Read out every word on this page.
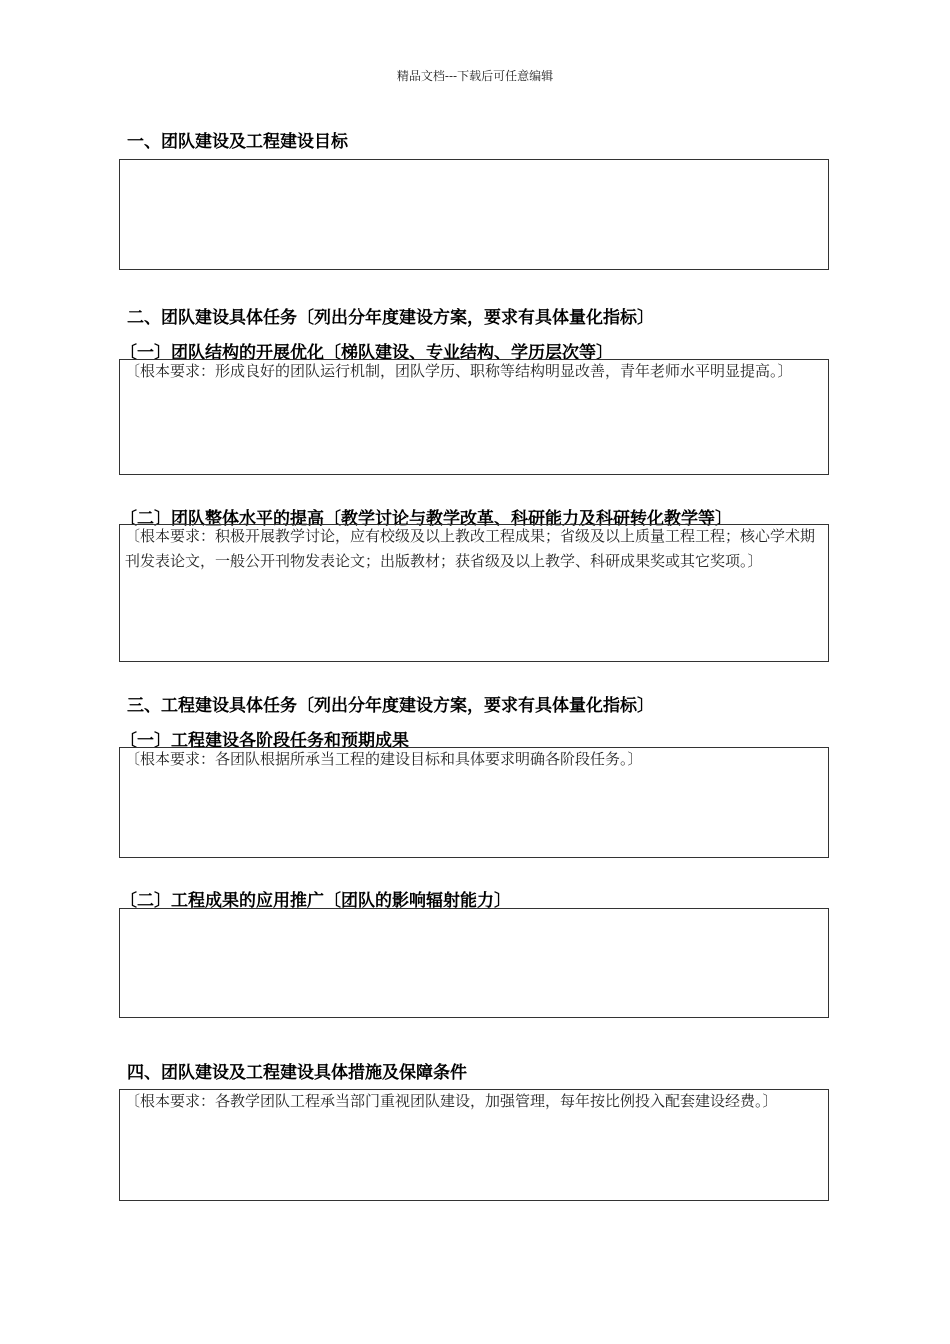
精品文档---下载后可任意编辑
一、团队建设及工程建设目标
二、团队建设具体任务〔列出分年度建设方案，要求有具体量化指标〕
〔一〕团队结构的开展优化〔梯队建设、专业结构、学历层次等〕
〔根本要求：形成良好的团队运行机制，团队学历、职称等结构明显改善，青年老师水平明显提高。〕
〔二〕团队整体水平的提高〔教学讨论与教学改革、科研能力及科研转化教学等〕
〔根本要求：积极开展教学讨论，应有校级及以上教改工程成果；省级及以上质量工程工程；核心学术期刊发表论文，一般公开刊物发表论文；出版教材；获省级及以上教学、科研成果奖或其它奖项。〕
三、工程建设具体任务〔列出分年度建设方案，要求有具体量化指标〕
〔一〕工程建设各阶段任务和预期成果
〔根本要求：各团队根据所承当工程的建设目标和具体要求明确各阶段任务。〕
〔二〕工程成果的应用推广〔团队的影响辐射能力〕
四、团队建设及工程建设具体措施及保障条件
〔根本要求：各教学团队工程承当部门重视团队建设，加强管理，每年按比例投入配套建设经费。〕
